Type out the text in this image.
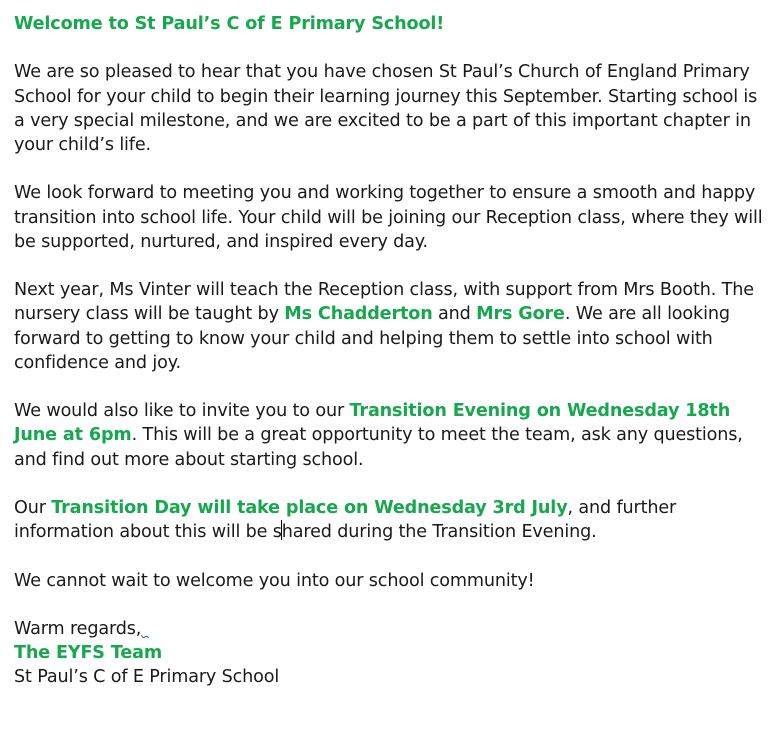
Welcome to St Paul’s C of E Primary School!

We are so pleased to hear that you have chosen St Paul’s Church of England Primary School for your child to begin their learning journey this September. Starting school is a very special milestone, and we are excited to be a part of this important chapter in your child’s life.

We look forward to meeting you and working together to ensure a smooth and happy transition into school life. Your child will be joining our Reception class, where they will be supported, nurtured, and inspired every day.

Next year, Ms Vinter will teach the Reception class, with support from Mrs Booth. The nursery class will be taught by Ms Chadderton and Mrs Gore. We are all looking forward to getting to know your child and helping them to settle into school with confidence and joy.

We would also like to invite you to our Transition Evening on Wednesday 18th June at 6pm. This will be a great opportunity to meet the team, ask any questions, and find out more about starting school.

Our Transition Day will take place on Wednesday 3rd July, and further information about this will be shared during the Transition Evening.

We cannot wait to welcome you into our school community!

Warm regards,

The EYFS Team

St Paul’s C of E Primary School
